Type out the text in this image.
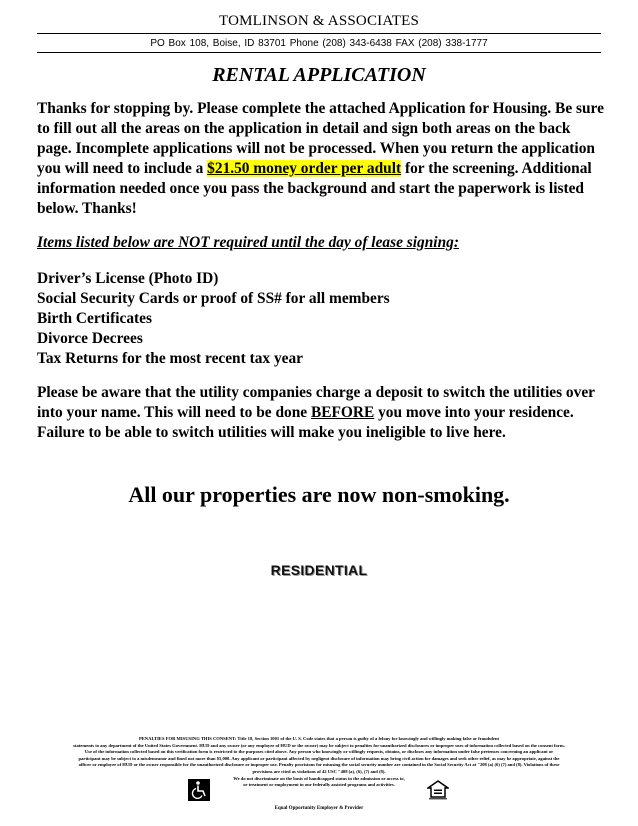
TOMLINSON & ASSOCIATES
PO Box 108, Boise, ID 83701 Phone (208) 343-6438 FAX (208) 338-1777
RENTAL APPLICATION
Thanks for stopping by. Please complete the attached Application for Housing. Be sure to fill out all the areas on the application in detail and sign both areas on the back page. Incomplete applications will not be processed. When you return the application you will need to include a $21.50 money order per adult for the screening. Additional information needed once you pass the background and start the paperwork is listed below. Thanks!
Items listed below are NOT required until the day of lease signing:
Driver’s License (Photo ID)
Social Security Cards or proof of SS# for all members
Birth Certificates
Divorce Decrees
Tax Returns for the most recent tax year
Please be aware that the utility companies charge a deposit to switch the utilities over into your name. This will need to be done BEFORE you move into your residence. Failure to be able to switch utilities will make you ineligible to live here.
All our properties are now non-smoking.
RESIDENTIAL

PENALTIES FOR MISUSING THIS CONSENT: Title 18, Section 1001 of the U. S. Code states that a person is guilty of a felony for knowingly and willingly making false or fraudulent

statements to any department of the United States Government. HUD and any owner (or any employee of HUD or the owner) may be subject to penalties for unauthorized disclosures or improper uses of information collected based on the consent form.

Use of the information collected based on this verification form is restricted to the purposes cited above. Any person who knowingly or willingly requests, obtains, or discloses any information under false pretenses concerning an applicant or

participant may be subject to a misdemeanor and fined not more than $5,000. Any applicant or participant affected by negligent disclosure of information may bring civil action for damages and seek other relief, as may be appropriate, against the

officer or employee of HUD or the owner responsible for the unauthorized disclosure or improper use. Penalty provisions for misusing the social security number are contained in the Social Security Act at "208 (a) (6) (7) and (8). Violations of these

provisions are cited as violations of 42 USC "408 (a), (6), (7) and (8).

We do not discriminate on the basis of handicapped status in the admission or access to,

or treatment or employment in our federally assisted programs and activities.

Equal Opportunity Employer & Provider
